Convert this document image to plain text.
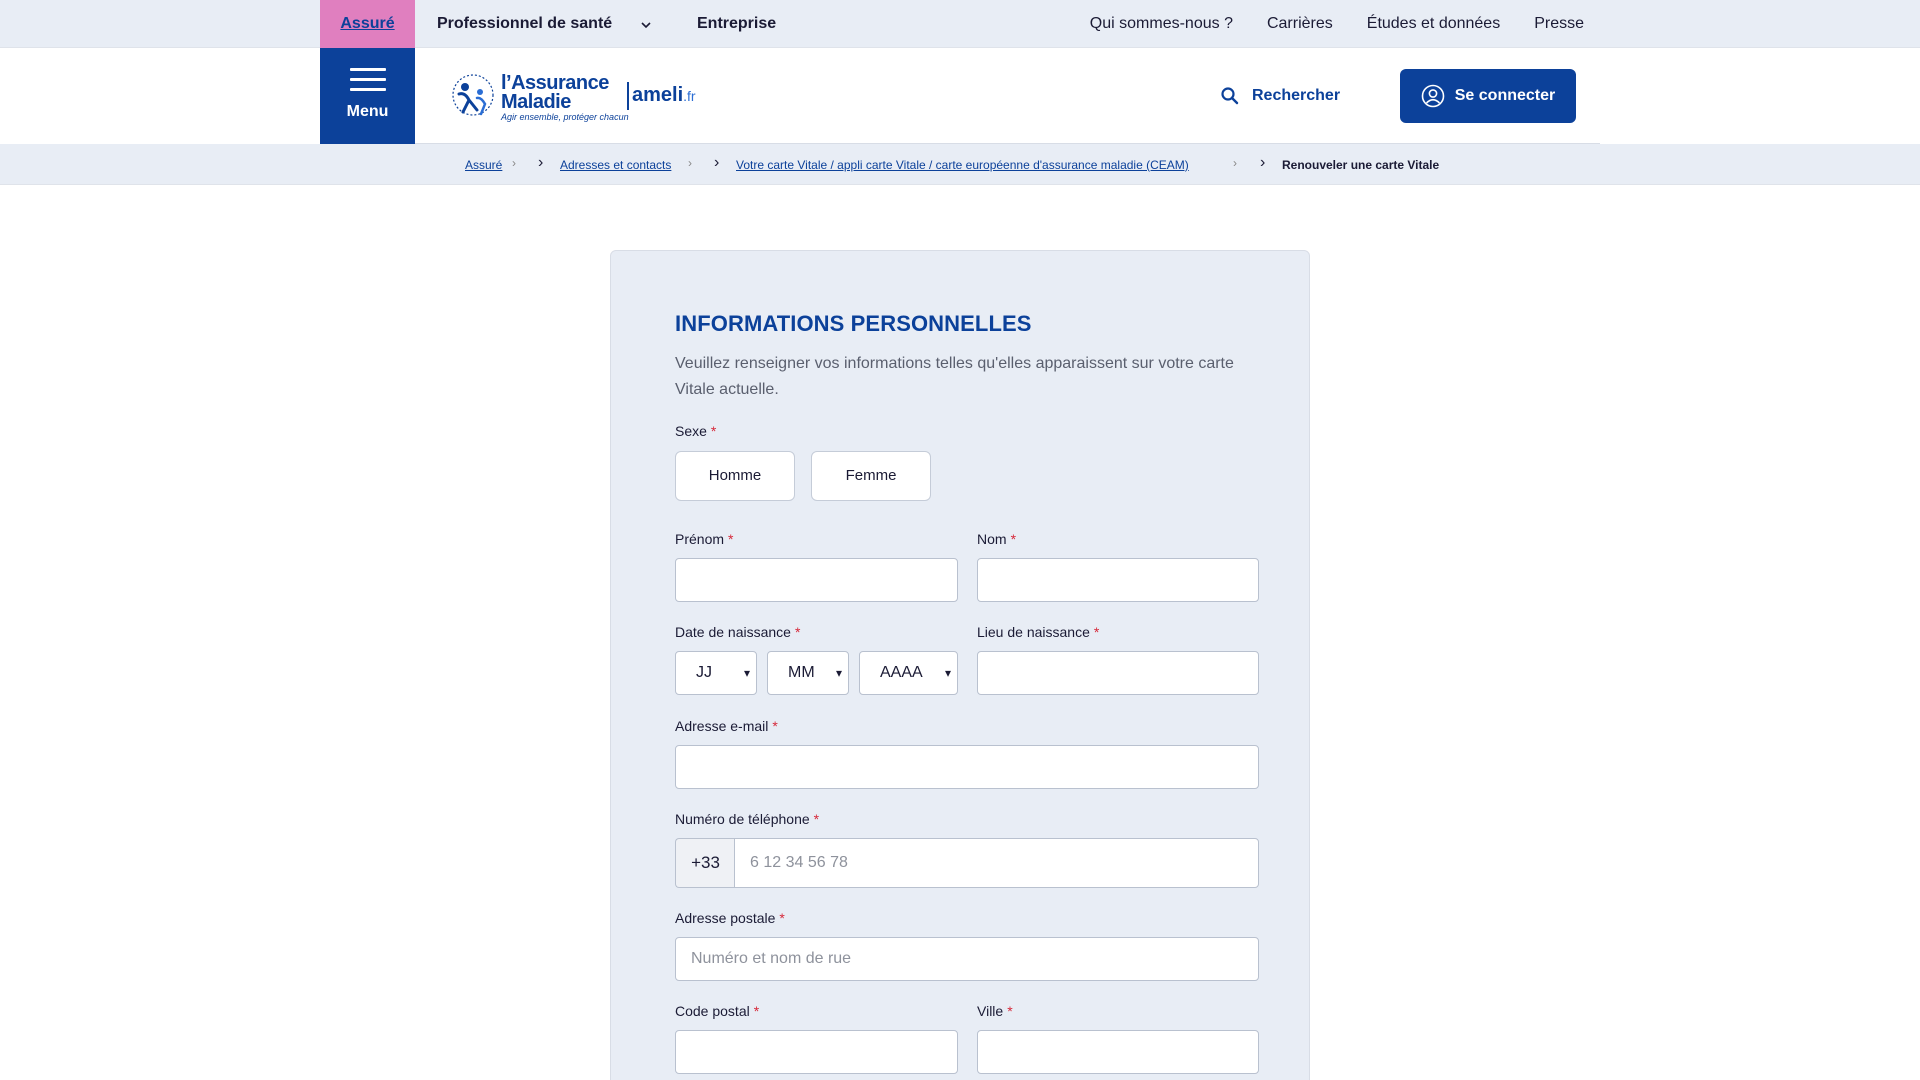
Assuré	Professionnel de santé	Entreprise	Qui sommes-nous ? Carrières Études et données Presse
Menu
l’Assurance
Maladie
Agir ensemble, protéger chacun
ameli.fr	Rechercher	Se connecter
Assuré › › Adresses et contacts › › Votre carte Vitale / appli carte Vitale / carte européenne d'assurance maladie (CEAM)	› › Renouveler une carte Vitale
INFORMATIONS PERSONNELLES
Veuillez renseigner vos informations telles qu'elles apparaissent sur votre carte Vitale actuelle.
Sexe *
Homme	Femme
Prénom *	Nom *
Date de naissance *
JJ	▾ MM ▾ AAAA ▾
Lieu de naissance *
Adresse e-mail *
Numéro de téléphone *
+33	6 12 34 56 78
Adresse postale *
Numéro et nom de rue
Code postal *	Ville *
